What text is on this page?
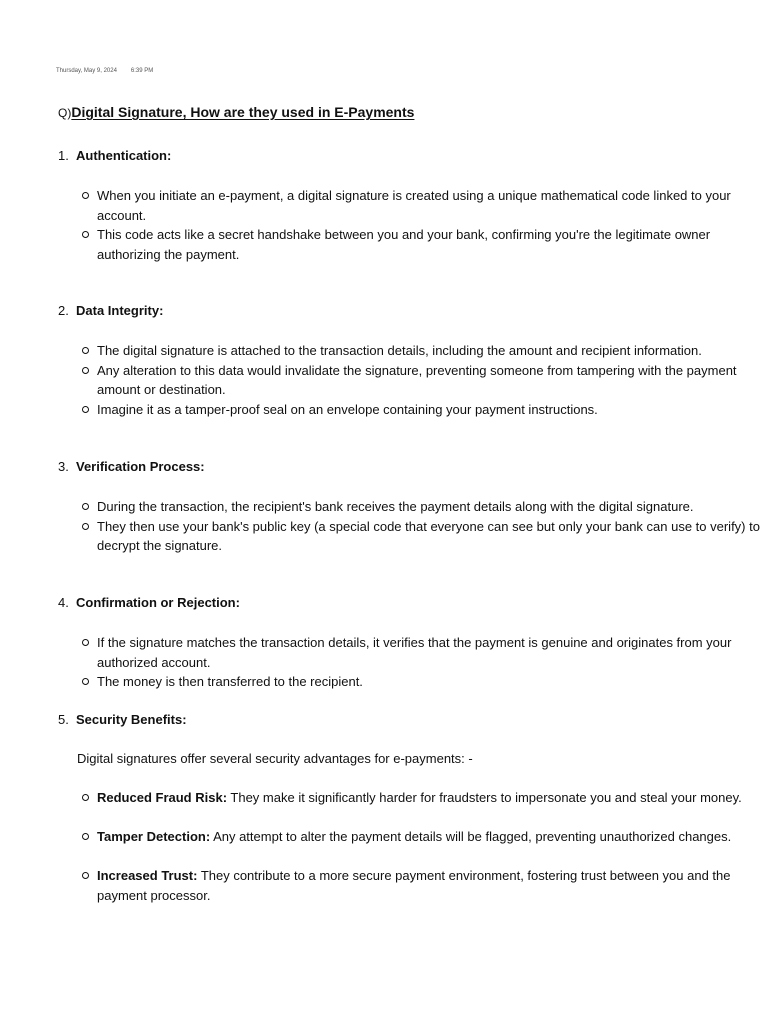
Thursday, May 9, 2024 6:39 PM
Q)Digital Signature, How are they used in E-Payments
1. Authentication:
When you initiate an e-payment, a digital signature is created using a unique mathematical code linked to your account.
This code acts like a secret handshake between you and your bank, confirming you're the legitimate owner authorizing the payment.
2. Data Integrity:
The digital signature is attached to the transaction details, including the amount and recipient information.
Any alteration to this data would invalidate the signature, preventing someone from tampering with the payment amount or destination.
Imagine it as a tamper-proof seal on an envelope containing your payment instructions.
3. Verification Process:
During the transaction, the recipient's bank receives the payment details along with the digital signature.
They then use your bank's public key (a special code that everyone can see but only your bank can use to verify) to decrypt the signature.
4. Confirmation or Rejection:
If the signature matches the transaction details, it verifies that the payment is genuine and originates from your authorized account.
The money is then transferred to the recipient.
5. Security Benefits:
Digital signatures offer several security advantages for e-payments: -
Reduced Fraud Risk: They make it significantly harder for fraudsters to impersonate you and steal your money.
Tamper Detection: Any attempt to alter the payment details will be flagged, preventing unauthorized changes.
Increased Trust: They contribute to a more secure payment environment, fostering trust between you and the payment processor.
